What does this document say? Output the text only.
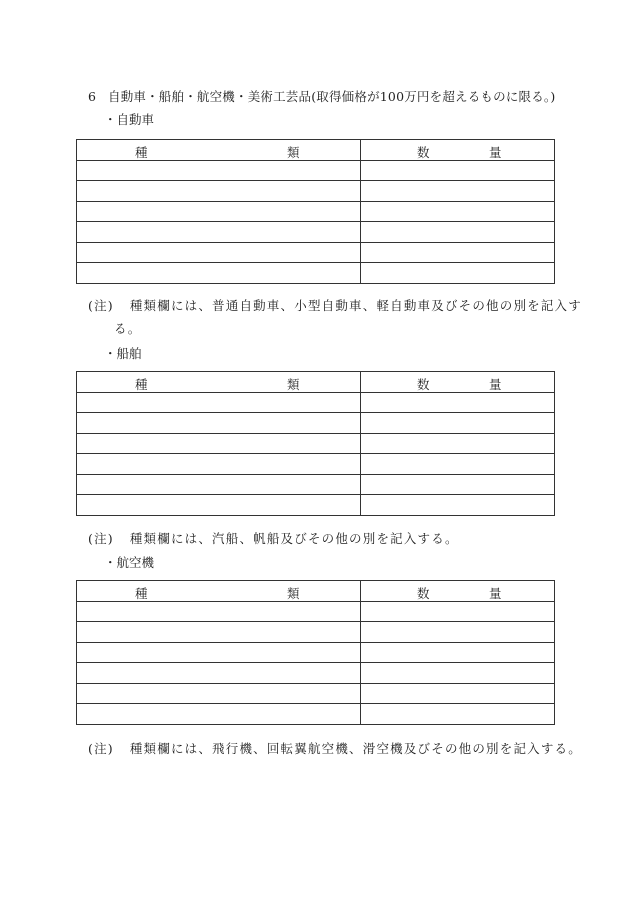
6 自動車・船舶・航空機・美術工芸品(取得価格が100万円を超えるものに限る。)
・自動車
種 類	数 量

(注) 種類欄には、普通自動車、小型自動車、軽自動車及びその他の別を記入す
る。
・船舶
種 類	数 量

(注) 種類欄には、汽船、帆船及びその他の別を記入する。
・航空機
種 類	数 量

(注) 種類欄には、飛行機、回転翼航空機、滑空機及びその他の別を記入する。
